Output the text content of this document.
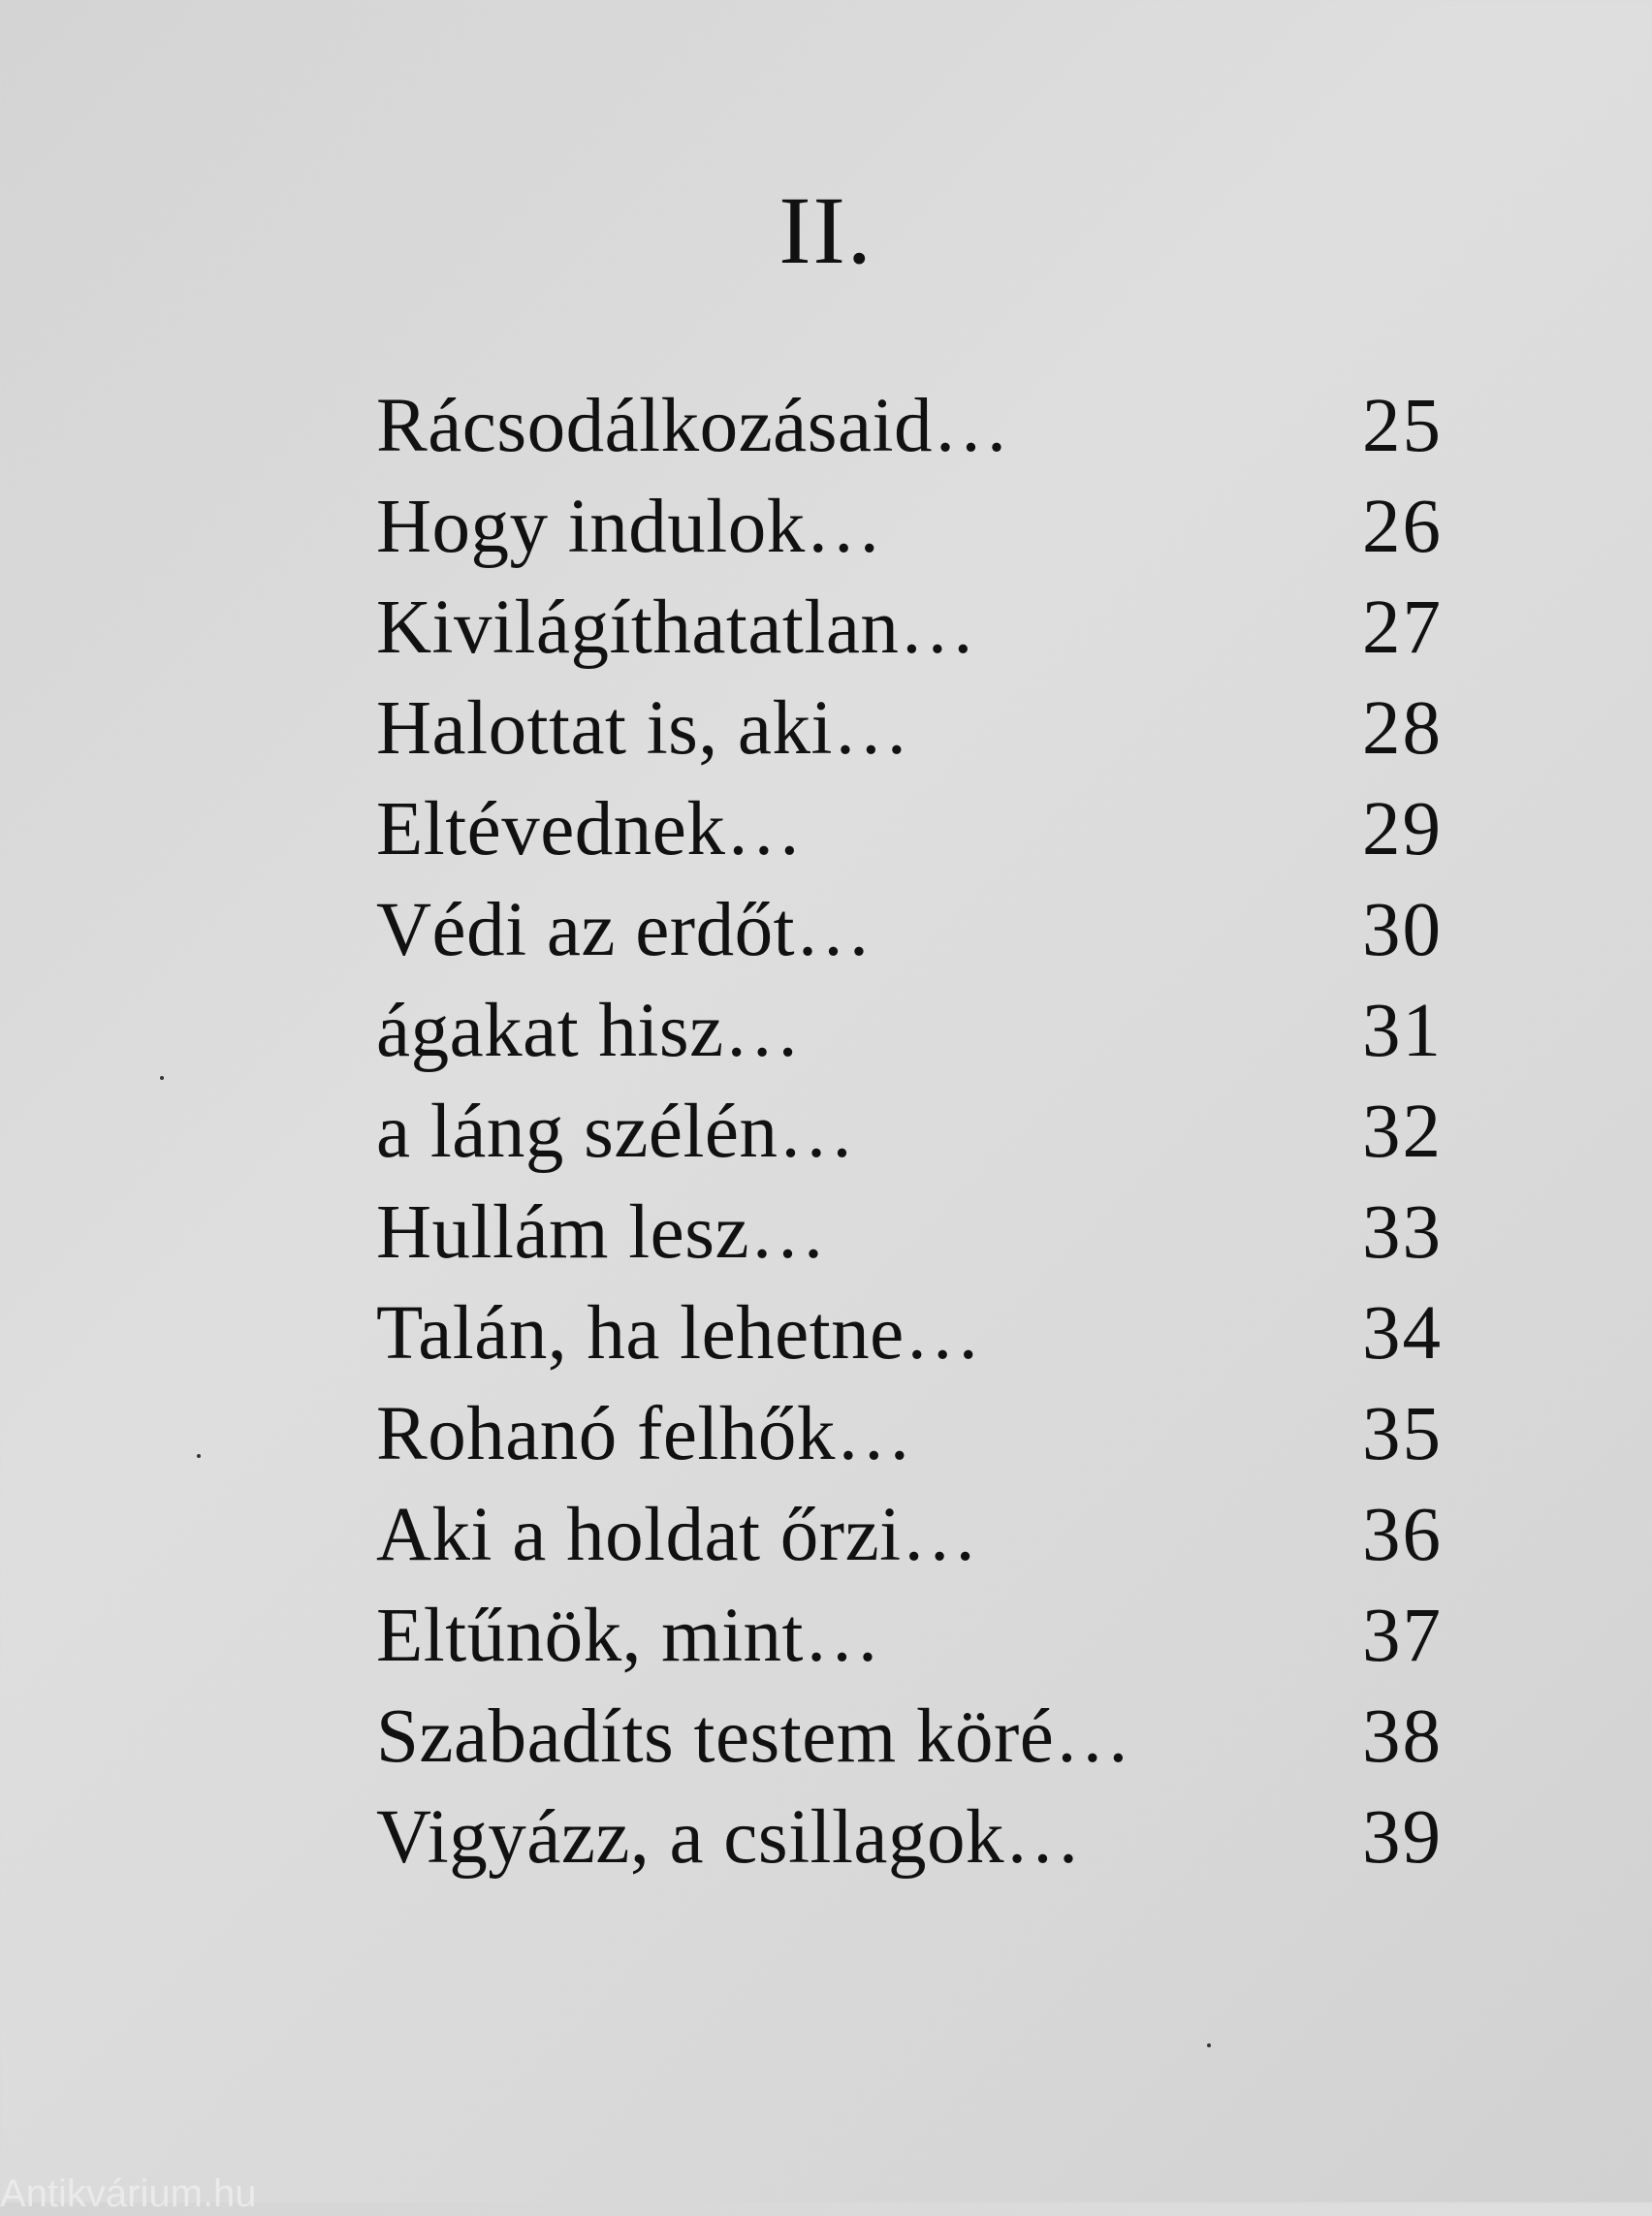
II.
Rácsodálkozásaid…	25
Hogy indulok…	26
Kivilágíthatatlan…	27
Halottat is, aki…	28
Eltévednek…	29
Védi az erdőt…	30
ágakat hisz…	31
a láng szélén…	32
Hullám lesz…	33
Talán, ha lehetne…	34
Rohanó felhők…	35
Aki a holdat őrzi…	36
Eltűnök, mint…	37
Szabadíts testem köré…	38
Vigyázz, a csillagok…	39
Antikvárium.hu
